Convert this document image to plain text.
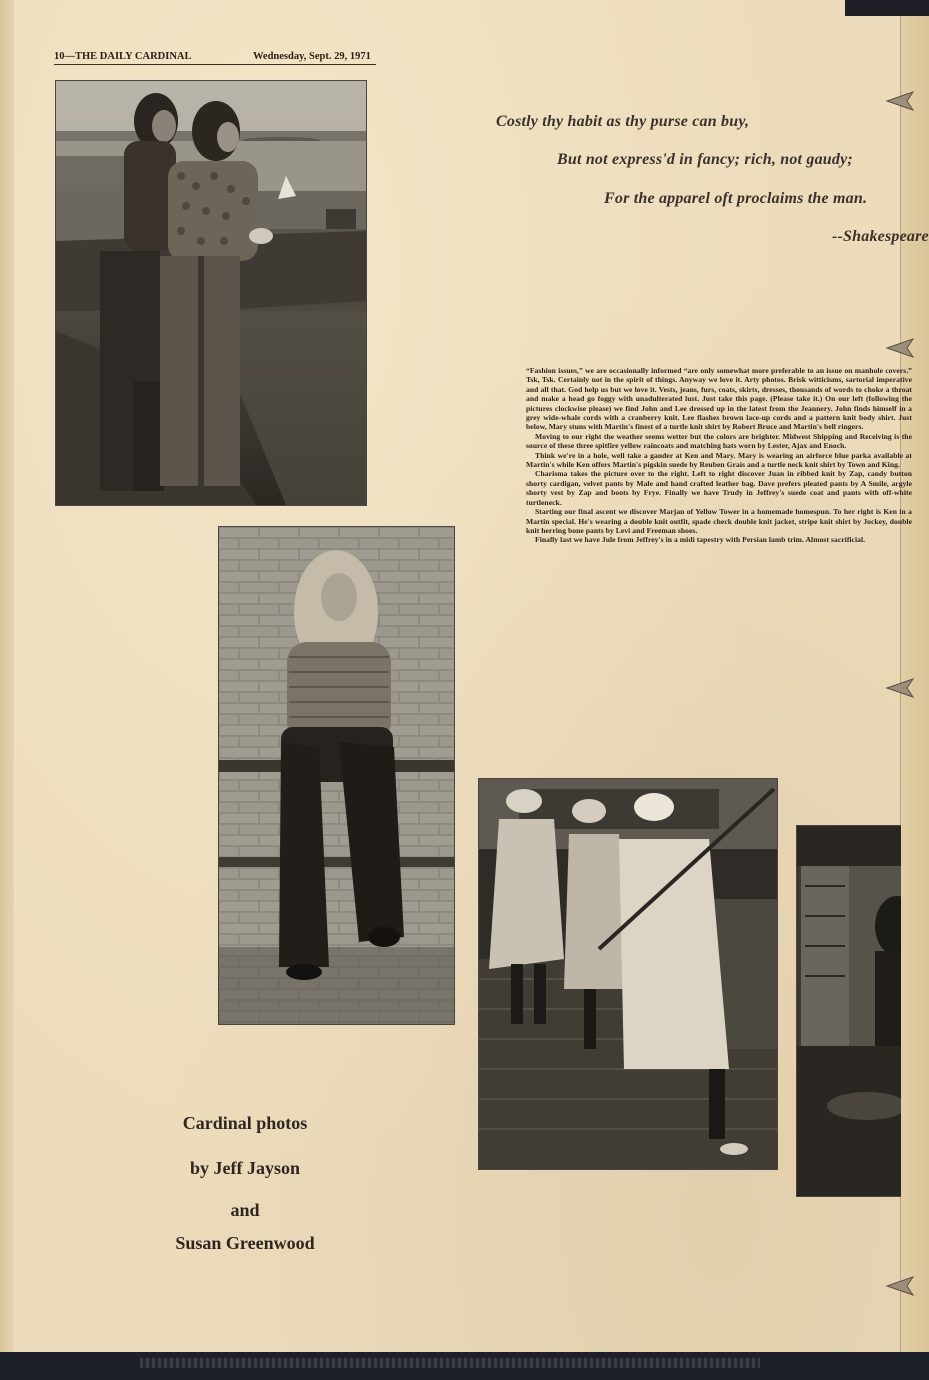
10—THE DAILY CARDINAL	Wednesday, Sept. 29, 1971
Costly thy habit as thy purse can buy,
But not express'd in fancy; rich, not gaudy;
For the apparel oft proclaims the man.
--Shakespeare

“Fashion issues,” we are occasionally informed “are only somewhat more preferable to an issue on manhole covers.” Tsk, Tsk. Certainly not in the spirit of things. Anyway we love it. Arty photos. Brisk witticisms, sartorial imperative and all that. God help us but we love it. Vests, jeans, furs, coats, skirts, dresses, thousands of words to choke a throat and make a head go foggy with unadulterated lust. Just take this page. (Please take it.) On our left (following the pictures clockwise please) we find John and Lee dressed up in the latest from the Jeannery. John finds himself in a grey wide-whale cords with a cranberry knit. Lee flashes brown lace-up cords and a pattern knit body shirt. Just below, Mary stuns with Martin's finest of a turtle knit shirt by Robert Bruce and Martin's bell ringers.

Moving to our right the weather seems wetter but the colors are brighter. Midwest Shipping and Receiving is the source of these three spitfire yellow raincoats and matching hats worn by Lester, Ajax and Enoch.

Think we're in a hole, well take a gander at Ken and Mary. Mary is wearing an airforce blue parka available at Martin's while Ken offers Martin's pigskin suede by Reuben Grais and a turtle neck knit shirt by Town and King.

Charisma takes the picture over to the right. Left to right discover Juan in ribbed knit by Zap, candy button shorty cardigan, velvet pants by Male and hand crafted leather bag. Dave prefers pleated pants by A Smile, argyle shorty vest by Zap and boots by Frye. Finally we have Trudy in Jeffrey's suede coat and pants with off-white turtleneck.

Starting our final ascent we discover Marjan of Yellow Tower in a homemade homespun. To her right is Ken in a Martin special. He's wearing a double knit outfit, spade check double knit jacket, stripe knit shirt by Jockey, double knit herring bone pants by Levi and Freeman shoes.

Finally last we have Jule from Jeffrey's in a midi tapestry with Persian lamb trim. Almost sacrificial.

Cardinal photos
by Jeff Jayson
and
Susan Greenwood
